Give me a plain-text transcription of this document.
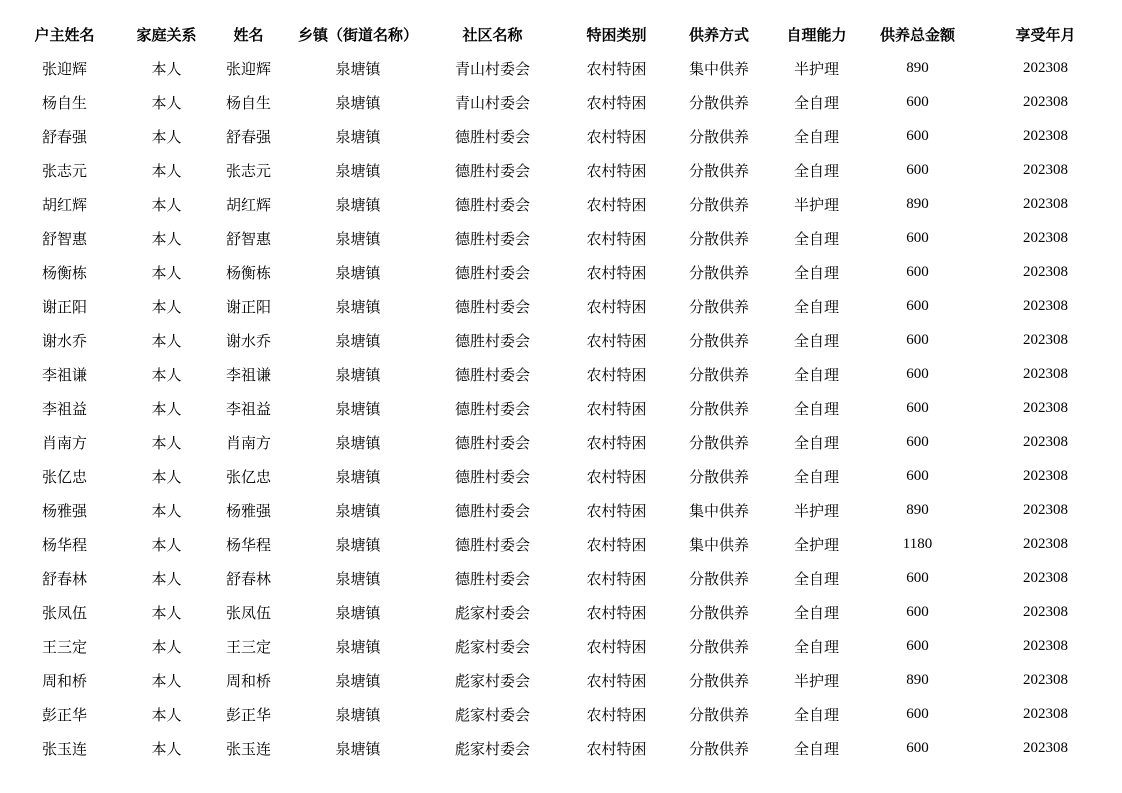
户主姓名	家庭关系	姓名	乡镇（街道名称）	社区名称	特困类别	供养方式	自理能力	供养总金额	享受年月
张迎辉	本人	张迎辉	泉塘镇	青山村委会	农村特困	集中供养	半护理	890	202308
杨自生	本人	杨自生	泉塘镇	青山村委会	农村特困	分散供养	全自理	600	202308
舒春强	本人	舒春强	泉塘镇	德胜村委会	农村特困	分散供养	全自理	600	202308
张志元	本人	张志元	泉塘镇	德胜村委会	农村特困	分散供养	全自理	600	202308
胡红辉	本人	胡红辉	泉塘镇	德胜村委会	农村特困	分散供养	半护理	890	202308
舒智惠	本人	舒智惠	泉塘镇	德胜村委会	农村特困	分散供养	全自理	600	202308
杨衡栋	本人	杨衡栋	泉塘镇	德胜村委会	农村特困	分散供养	全自理	600	202308
谢正阳	本人	谢正阳	泉塘镇	德胜村委会	农村特困	分散供养	全自理	600	202308
谢水乔	本人	谢水乔	泉塘镇	德胜村委会	农村特困	分散供养	全自理	600	202308
李祖谦	本人	李祖谦	泉塘镇	德胜村委会	农村特困	分散供养	全自理	600	202308
李祖益	本人	李祖益	泉塘镇	德胜村委会	农村特困	分散供养	全自理	600	202308
肖南方	本人	肖南方	泉塘镇	德胜村委会	农村特困	分散供养	全自理	600	202308
张亿忠	本人	张亿忠	泉塘镇	德胜村委会	农村特困	分散供养	全自理	600	202308
杨雅强	本人	杨雅强	泉塘镇	德胜村委会	农村特困	集中供养	半护理	890	202308
杨华程	本人	杨华程	泉塘镇	德胜村委会	农村特困	集中供养	全护理	1180	202308
舒春林	本人	舒春林	泉塘镇	德胜村委会	农村特困	分散供养	全自理	600	202308
张凤伍	本人	张凤伍	泉塘镇	彪家村委会	农村特困	分散供养	全自理	600	202308
王三定	本人	王三定	泉塘镇	彪家村委会	农村特困	分散供养	全自理	600	202308
周和桥	本人	周和桥	泉塘镇	彪家村委会	农村特困	分散供养	半护理	890	202308
彭正华	本人	彭正华	泉塘镇	彪家村委会	农村特困	分散供养	全自理	600	202308
张玉连	本人	张玉连	泉塘镇	彪家村委会	农村特困	分散供养	全自理	600	202308
